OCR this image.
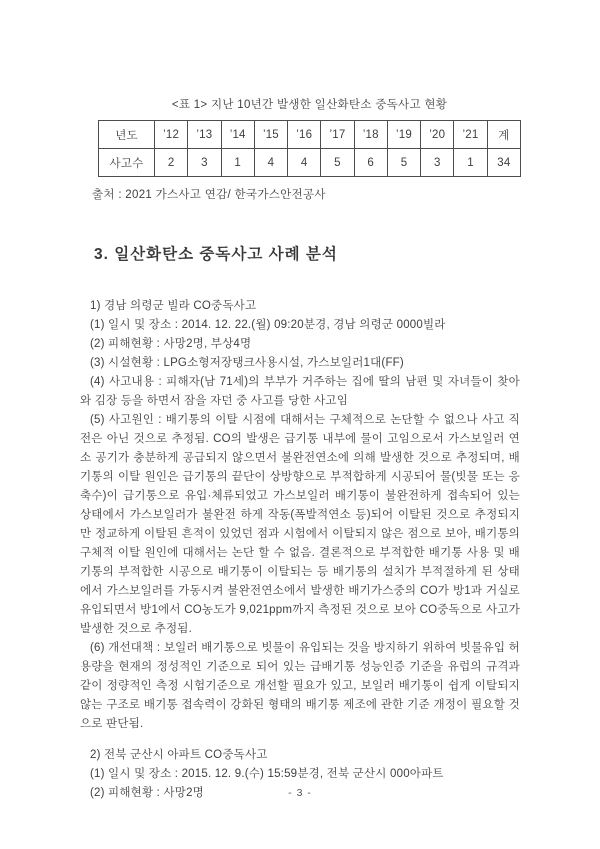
<표 1> 지난 10년간 발생한 일산화탄소 중독사고 현황
년도	’12	’13	’14	’15	’16	’17	’18	’19	’20	’21	계
사고수	2	3	1	4	4	5	6	5	3	1	34
출처 : 2021 가스사고 연감/ 한국가스안전공사
3. 일산화탄소 중독사고 사례 분석

1) 경남 의령군 빌라 CO중독사고

(1) 일시 및 장소 : 2014. 12. 22.(월) 09:20분경, 경남 의령군 0000빌라

(2) 피해현황 : 사망2명, 부상4명

(3) 시설현황 : LPG소형저장탱크사용시설, 가스보일러1대(FF)

(4) 사고내용 : 피해자(남 71세)의 부부가 거주하는 집에 딸의 남편 및 자녀들이 찾아와 김장 등을 하면서 잠을 자던 중 사고를 당한 사고임

(5) 사고원인 : 배기통의 이탈 시점에 대해서는 구체적으로 논단할 수 없으나 사고 직전은 아닌 것으로 추정됨. CO의 발생은 급기통 내부에 물이 고임으로서 가스보일러 연소 공기가 충분하게 공급되지 않으면서 불완전연소에 의해 발생한 것으로 추정되며, 배기통의 이탈 원인은 급기통의 끝단이 상방향으로 부적합하게 시공되어 물(빗물 또는 응축수)이 급기통으로 유입·체류되었고 가스보일러 배기통이 불완전하게 접속되어 있는 상태에서 가스보일러가 불완전 하게 작동(폭발적연소 등)되어 이탈된 것으로 추정되지만 정교하게 이탈된 흔적이 있었던 점과 시험에서 이탈되지 않은 점으로 보아, 배기통의 구체적 이탈 원인에 대해서는 논단 할 수 없음. 결론적으로 부적합한 배기통 사용 및 배기통의 부적합한 시공으로 배기통이 이탈되는 등 배기통의 설치가 부적절하게 된 상태에서 가스보일러를 가동시켜 불완전연소에서 발생한 배기가스중의 CO가 방1과 거실로 유입되면서 방1에서 CO농도가 9,021ppm까지 측정된 것으로 보아 CO중독으로 사고가 발생한 것으로 추정됨.

(6) 개선대책 : 보일러 배기통으로 빗물이 유입되는 것을 방지하기 위하여 빗물유입 허용량을 현재의 정성적인 기준으로 되어 있는 급배기통 성능인증 기준을 유럽의 규격과 같이 정량적인 측정 시험기준으로 개선할 필요가 있고, 보일러 배기통이 쉽게 이탈되지 않는 구조로 배기통 접속력이 강화된 형태의 배기통 제조에 관한 기준 개정이 필요할 것으로 판단됨.

2) 전북 군산시 아파트 CO중독사고

(1) 일시 및 장소 : 2015. 12. 9.(수) 15:59분경, 전북 군산시 000아파트

(2) 피해현황 : 사망2명	- 3 -
